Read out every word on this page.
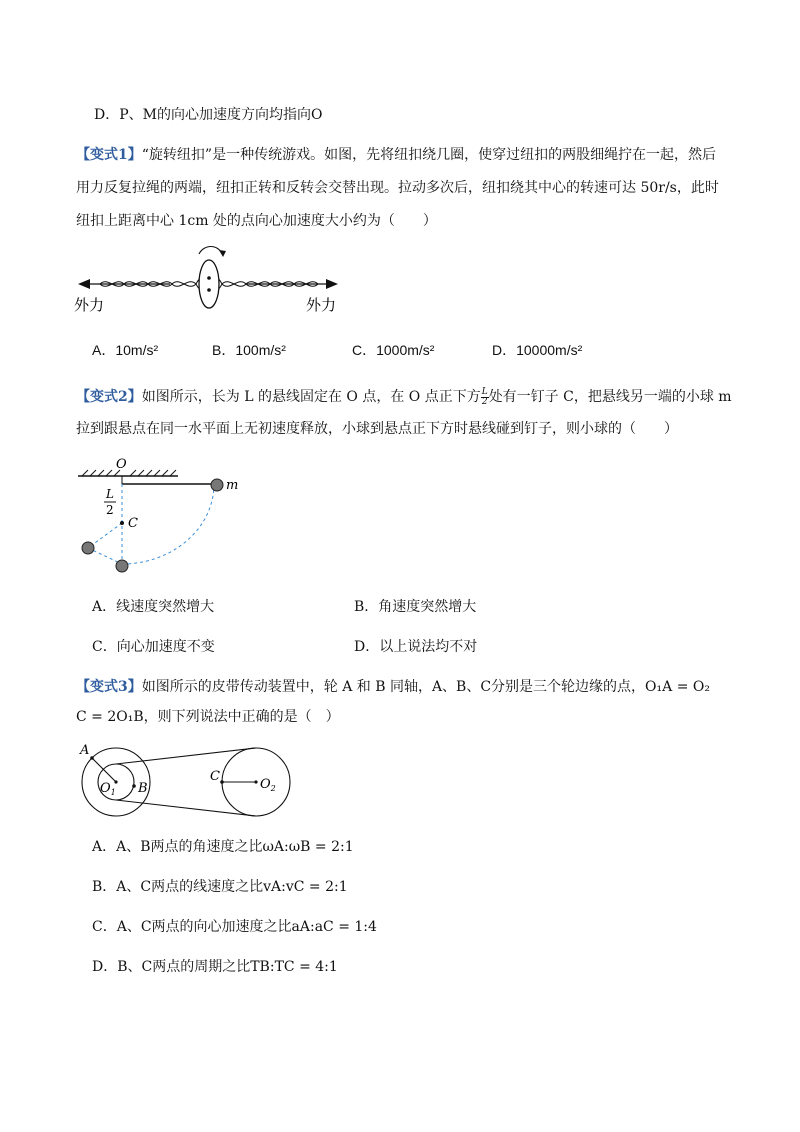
D．P、M的向心加速度方向均指向O
【变式1】“旋转纽扣”是一种传统游戏。如图，先将纽扣绕几圈，使穿过纽扣的两股细绳拧在一起，然后
用力反复拉绳的两端，纽扣正转和反转会交替出现。拉动多次后，纽扣绕其中心的转速可达 50r/s，此时
纽扣上距离中心 1cm 处的点向心加速度大小约为（　　）
外力	外力
A．10m/s²	B．100m/s²	C．1000m/s²	D．10000m/s²
【变式2】如图所示，长为 L 的悬线固定在 O 点，在 O 点正下方 $\frac{L}{2}$ 处有一钉子 C，把悬线另一端的小球 m
拉到跟悬点在同一水平面上无初速度释放，小球到悬点正下方时悬线碰到钉子，则小球的（　　）
O
m
L
2
C
A．线速度突然增大	B．角速度突然增大
C．向心加速度不变	D．以上说法均不对
【变式3】如图所示的皮带传动装置中，轮 A 和 B 同轴，A、B、C分别是三个轮边缘的点，O₁A = O₂
C = 2O₁B，则下列说法中正确的是（　）
A
$O_1$ B
C
$O_2$
A．A、B两点的角速度之比ωA:ωB = 2:1
B．A、C两点的线速度之比vA:vC = 2:1
C．A、C两点的向心加速度之比aA:aC = 1:4
D．B、C两点的周期之比TB:TC = 4:1
